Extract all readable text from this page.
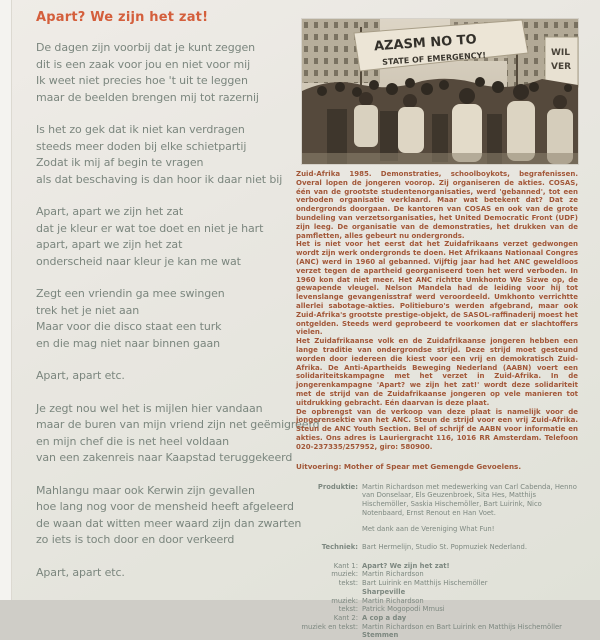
Apart? We zijn het zat!
De dagen zijn voorbij dat je kunt zeggen
dit is een zaak voor jou en niet voor mij
Ik weet niet precies hoe 't uit te leggen
maar de beelden brengen mij tot razernij
Is het zo gek dat ik niet kan verdragen
steeds meer doden bij elke schietpartij
Zodat ik mij af begin te vragen
als dat beschaving is dan hoor ik daar niet bij
Apart, apart we zijn het zat
dat je kleur er wat toe doet en niet je hart
apart, apart we zijn het zat
onderscheid naar kleur je kan me wat
Zegt een vriendin ga mee swingen
trek het je niet aan
Maar voor die disco staat een turk
en die mag niet naar binnen gaan
Apart, apart etc.
Je zegt nou wel het is mijlen hier vandaan
maar de buren van mijn vriend zijn net geëmigreerd
en mijn chef die is net heel voldaan
van een zakenreis naar Kaapstad teruggekeerd
Mahlangu maar ook Kerwin zijn gevallen
hoe lang nog voor de mensheid heeft afgeleerd
de waan dat witten meer waard zijn dan zwarten
zo iets is toch door en door verkeerd
Apart, apart etc.
AZASM NO TO
STATE OF EMERGENCY!	WIL
VER

Zuid-Afrika 1985. Demonstraties, schoolboykots, begrafenissen. Overal lopen de jongeren voorop. Zij organiseren de akties. COSAS, één van de grootste studentenorganisaties, werd 'gebanned', tot een verboden organisatie verklaard. Maar wat betekent dat? Dat ze ondergronds doorgaan. De kantoren van COSAS en ook van de grote bundeling van verzetsorganisaties, het United Democratic Front (UDF) zijn leeg. De organisatie van de demonstraties, het drukken van de pamfletten, alles gebeurt nu ondergronds.

Het is niet voor het eerst dat het Zuidafrikaans verzet gedwongen wordt zijn werk ondergronds te doen. Het Afrikaans Nationaal Congres (ANC) werd in 1960 al gebanned. Vijftig jaar had het ANC geweldloos verzet tegen de apartheid georganiseerd toen het werd verboden. In 1960 kon dat niet meer. Het ANC richtte Umkhonto We Sizwe op, de gewapende vleugel. Nelson Mandela had de leiding voor hij tot levenslange gevangenisstraf werd veroordeeld. Umkhonto verrichtte allerlei sabotage-akties. Politieburo's werden afgebrand, maar ook Zuid-Afrika's grootste prestige-objekt, de SASOL-raffinaderij moest het ontgelden. Steeds werd geprobeerd te voorkomen dat er slachtoffers vielen.

Het Zuidafrikaanse volk en de Zuidafrikaanse jongeren hebben een lange traditie van ondergrondse strijd. Deze strijd moet gesteund worden door iedereen die kiest voor een vrij en demokratisch Zuid-Afrika. De Anti-Apartheids Beweging Nederland (AABN) voert een solidariteitskampagne met het verzet in Zuid-Afrika. In de jongerenkampagne 'Apart? we zijn het zat!' wordt deze solidariteit met de strijd van de Zuidafrikaanse jongeren op vele manieren tot uitdrukking gebracht. Eén daarvan is deze plaat.

De opbrengst van de verkoop van deze plaat is namelijk voor de jongerensektie van het ANC. Steun de strijd voor een vrij Zuid-Afrika. Steun de ANC Youth Section. Bel of schrijf de AABN voor informatie en akties. Ons adres is Lauriergracht 116, 1016 RR Amsterdam. Telefoon 020-237335/257952, giro: 580900.

Uitvoering: Mother of Spear met Gemengde Gevoelens.
Produktie: Martin Richardson met medewerking van Carl Cabenda, Henno van Donselaar, Els Geuzenbroek, Sita Hes, Matthijs Hischemöller, Saskia Hischemöller, Bart Luirink, Nico Notenbaard, Ernst Renout en Han Voet.
Met dank aan de Vereniging What Fun!
Techniek: Bart Hermelijn, Studio St. Popmuziek Nederland.
Kant 1: Apart? We zijn het zat!
muziek: Martin Richardson
tekst: Bart Luirink en Matthijs Hischemöller
Sharpeville
muziek: Martin Richardson
tekst: Patrick Mogopodi Mmusi
Kant 2: A cop a day
muziek en tekst: Martin Richardson en Bart Luirink en Matthijs Hischemöller
Stemmen
